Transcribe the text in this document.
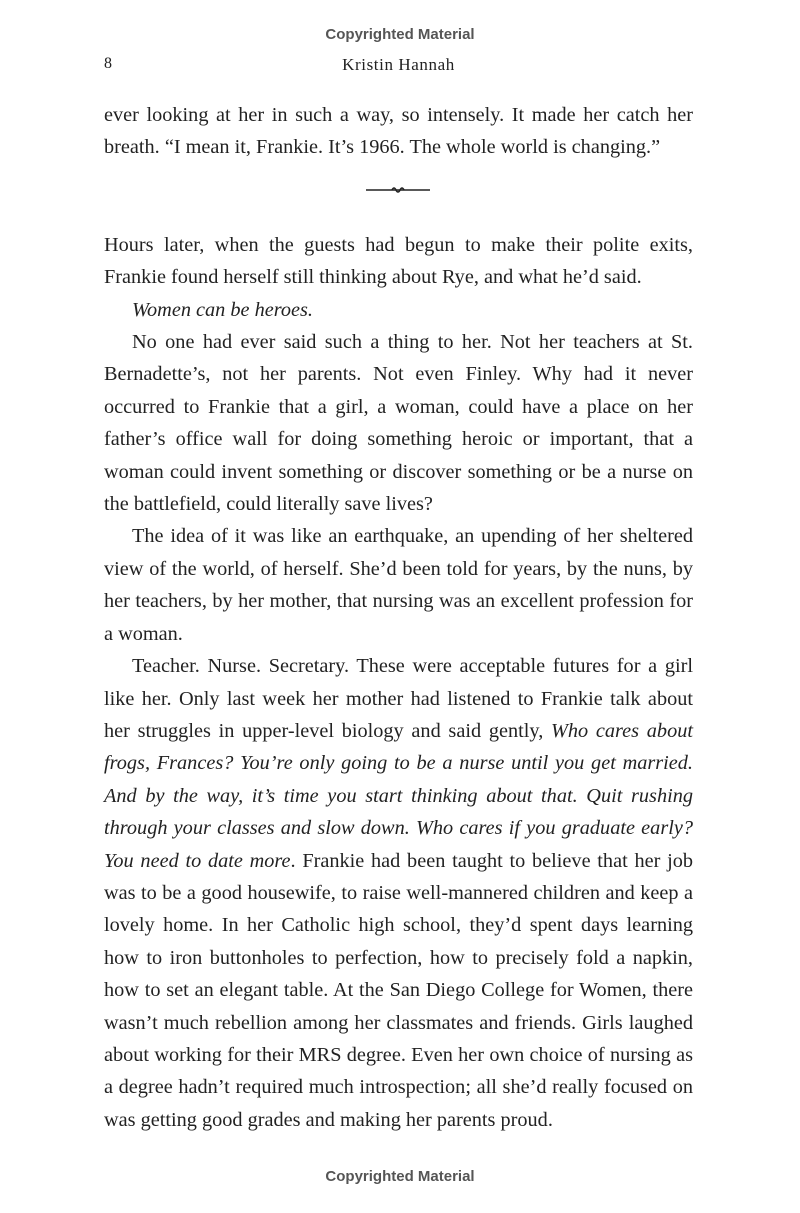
Copyrighted Material
8	Kristin Hannah

ever looking at her in such a way, so intensely. It made her catch her breath. “I mean it, Frankie. It’s 1966. The whole world is changing.”

Hours later, when the guests had begun to make their polite exits, Frankie found herself still thinking about Rye, and what he’d said.

Women can be heroes.

No one had ever said such a thing to her. Not her teachers at St. Bernadette’s, not her parents. Not even Finley. Why had it never occurred to Frankie that a girl, a woman, could have a place on her father’s office wall for doing something heroic or important, that a woman could invent something or discover something or be a nurse on the battlefield, could literally save lives?

The idea of it was like an earthquake, an upending of her sheltered view of the world, of herself. She’d been told for years, by the nuns, by her teachers, by her mother, that nursing was an excellent profession for a woman.

Teacher. Nurse. Secretary. These were acceptable futures for a girl like her. Only last week her mother had listened to Frankie talk about her struggles in upper-level biology and said gently, Who cares about frogs, Frances? You’re only going to be a nurse until you get married. And by the way, it’s time you start thinking about that. Quit rushing through your classes and slow down. Who cares if you graduate early? You need to date more. Frankie had been taught to believe that her job was to be a good housewife, to raise well-mannered children and keep a lovely home. In her Catholic high school, they’d spent days learning how to iron buttonholes to perfection, how to precisely fold a napkin, how to set an elegant table. At the San Diego College for Women, there wasn’t much rebellion among her classmates and friends. Girls laughed about working for their MRS degree. Even her own choice of nursing as a degree hadn’t required much introspection; all she’d really focused on was getting good grades and making her parents proud.

Copyrighted Material
